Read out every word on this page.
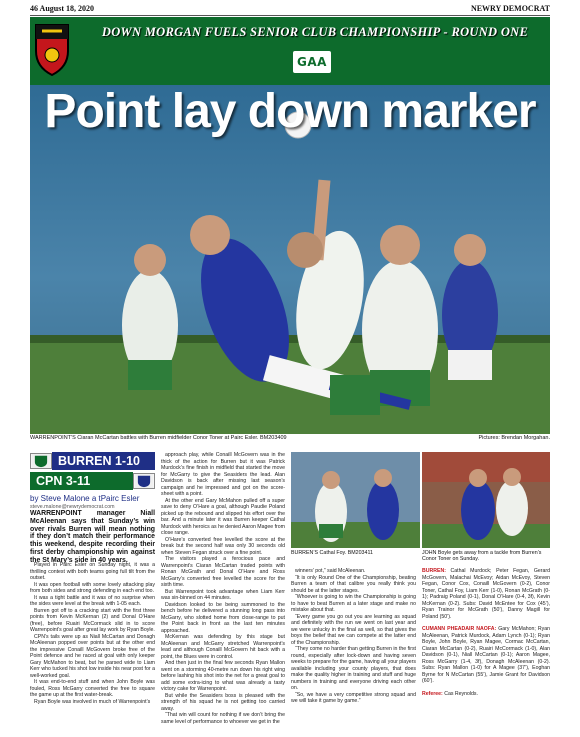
46 August 18, 2020	NEWRY DEMOCRAT
DOWN MORGAN FUELS SENIOR CLUB CHAMPIONSHIP - ROUND ONE
GAA
Point lay down marker
WARRENPOINT'S Ciaran McCartan battles with Burren midfielder Conor Toner at Pairc Esler. BM203409	Pictures: Brendan Morgahan.
BURREN 1-10
CPN 3-11
by Steve Malone a tPairc Esler
steve.malone@newrydemocrat.com
WARRENPOINT manager Niall McAleenan says that Sunday’s win over rivals Burren will mean nothing if they don’t match their performance this weekend, despite recording their first derby championship win against the St Mary’s side in 40 years.

Played in Pairc Esler on Sunday night, it was a thrilling contest with both teams going full tilt from the outset.

It was open football with some lovely attacking play from both sides and strong defending in each end too.

It was a tight battle and it was of no surprise when the sides were level at the break with 1-05 each.

Burren got off to a cracking start with the first three points from Kevin McKernan (2) and Donal O’Hare (free), before Ruairi McCormack slid in to score Warrenpoint’s goal after great lay work by Ryan Boyle.

CPN’s tails were up as Niall McCartan and Donagh McAleenan popped over points but at the other end the impressive Conaill McGovern broke free of the Point defence and he raced at goal with only keeper Gary McMahon to beat, but he parsed wide to Liam Kerr who tucked his shot low inside his near post for a well-worked goal.

It was end-to-end stuff and when John Boyle was fouled, Ross McGarry converted the free to square the game up at the first water-break.

Ryan Boyle was involved in much of Warrenpoint’s

approach play, while Conaill McGovern was in the thick of the action for Burren but it was Patrick Murdock’s fine finish in midfield that started the move for McGarry to give the Seasiders the lead. Alan Davidson is back after missing last season’s campaign and he impressed and got on the score-sheet with a point.

At the other end Gary McMahon pulled off a super save to deny O’Hare a goal, although Paudie Poland picked up the rebound and slipped his effort over the bar. And a minute later it was Burren keeper Cathal Murdock with heroics as he denied Aaron Magee from close range.

O’Hare’s converted free levelled the score at the break but the second half was only 30 seconds old when Steven Fegan struck over a fine point.

The visitors played a ferocious pace and Warrenpoint’s Ciaran McCartan traded points with Ronan McGrath and Donal O’Hare and Ross McGarry’s converted free levelled the score for the sixth time.

But Warrenpoint took advantage when Liam Kerr was sin-binned on 44 minutes.

Davidson looked to be being summoned to the bench before he delivered a stunning long pass into McGarry, who slotted home from close-range to put the Point back in front as the last ten minutes approached.

McKernan was defending by this stage but McAleenan and McGarry stretched Warrenpoint’s lead and although Conaill McGovern hit back with a point, the Blues were in control.

And then just in the final few seconds Ryan Mallon went on a storming 40-metre run down his right wing before lashing his shot into the net for a great goal to add some extra-icing to what was already a tasty victory cake for Warrenpoint.

But while the Seasiders boss is pleased with the strength of his squad he is not getting too carried away.

“That win will count for nothing if we don’t bring the same level of performance to whoever we get in the

BURREN’S Cathal Foy. BM203411	JOHN Boyle gets away from a tackle from Burren’s Conor Toner on Sunday.

winners’ pot,” said McAleenan.

“It is only Round One of the Championship, beating Burren a team of that calibre you really think you should be at the latter stages.

“Whoever is going to win the Championship is going to have to beat Burren at a later stage and make no mistake about that.

“Every game you go out you are learning as squad and definitely with the run we went on last year and we were unlucky in the final as well, so that gives the boys the belief that we can compete at the latter end of the Championship.

“They come no harder than getting Burren in the first round, especially after lock-down and having seven weeks to prepare for the game, having all your players available including your county players, that does make the quality higher in training and stuff and huge numbers in training and everyone driving each other on.

“So, we have a very competitive strong squad and we will take it game by game.”

BURREN: Cathal Murdock; Peter Fegan, Gerard McGovern, Malachai McEvoy; Aidan McEvoy, Steven Fegan, Conor Cox, Conaill McGovern (0-2), Conor Toner, Cathal Foy, Liam Kerr (1-0), Ronan McGrath (0-1); Padraig Poland (0-1), Donal O’Hare (0-4, 3f), Kevin McKernan (0-2). Subs: David McEntee for Cox (45’), Ryan Trainor for McGrath (50’), Danny Magill for Poland (50’).

CUMANN PHEADAIR NAOFA: Gary McMahon; Ryan McAleenan, Patrick Murdock, Adam Lynch (0-1); Ryan Boyle, John Boyle, Ryan Magee, Cormac McCartan, Ciaran McCartan (0-2), Ruairi McCormack (1-0), Alan Davidson (0-1), Niall McCartan (0-1); Aaron Magee, Ross McGarry (1-4, 3f), Donagh McAleenan (0-2). Subs: Ryan Mallon (1-0) for A Magee (37’), Eoghan Byrne for N McCartan (55’), Jamie Grant for Davidson (60’).

Referee: Cas Reynolds.
